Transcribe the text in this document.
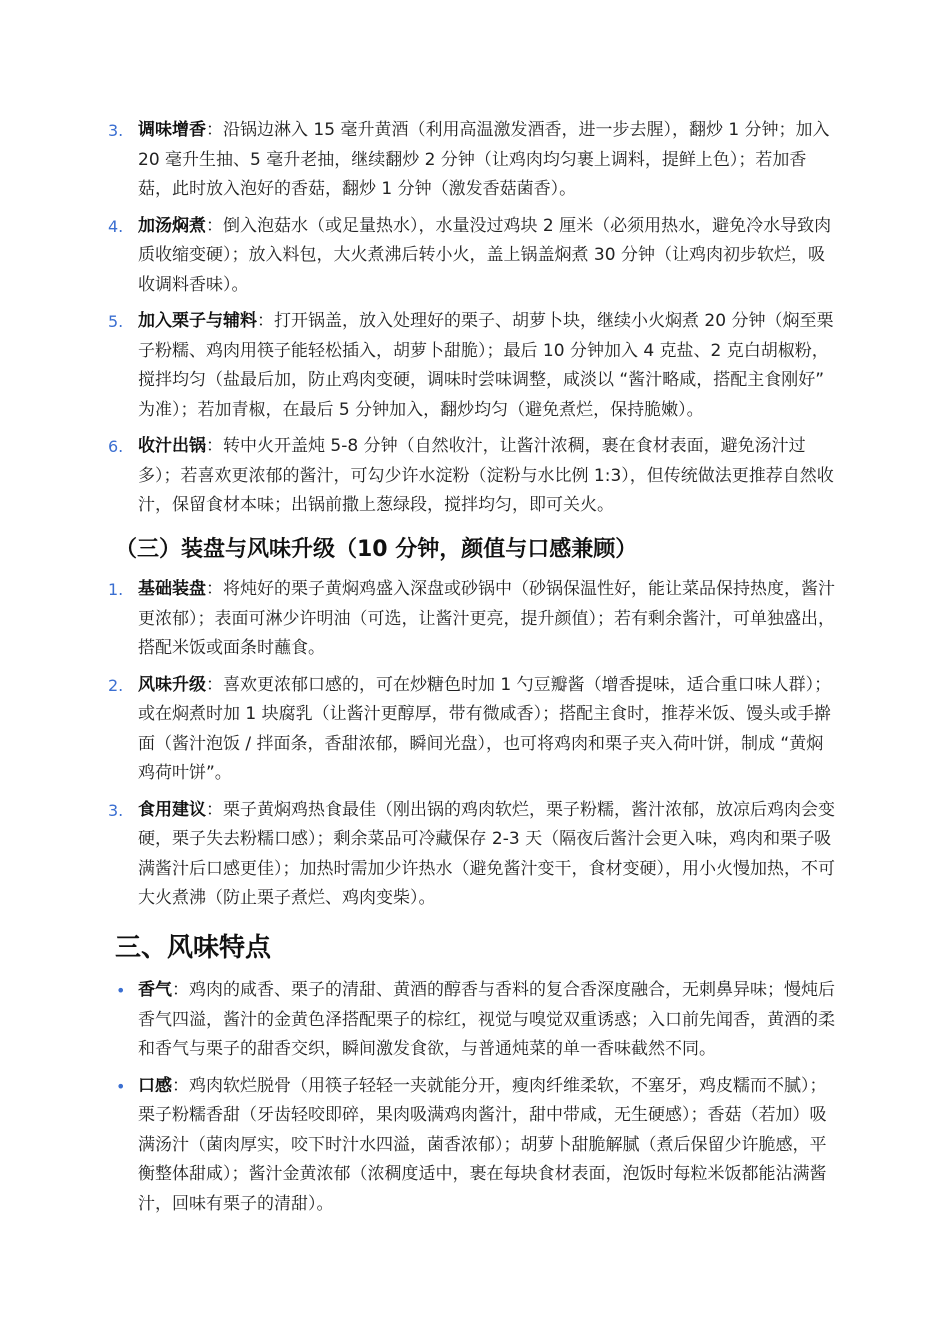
3. 调味增香：沿锅边淋入 15 毫升黄酒（利用高温激发酒香，进一步去腥），翻炒 1 分钟；加入 20 毫升生抽、5 毫升老抽，继续翻炒 2 分钟（让鸡肉均匀裹上调料，提鲜上色）；若加香菇，此时放入泡好的香菇，翻炒 1 分钟（激发香菇菌香）。
4. 加汤焖煮：倒入泡菇水（或足量热水），水量没过鸡块 2 厘米（必须用热水，避免冷水导致肉质收缩变硬）；放入料包，大火煮沸后转小火，盖上锅盖焖煮 30 分钟（让鸡肉初步软烂，吸收调料香味）。
5. 加入栗子与辅料：打开锅盖，放入处理好的栗子、胡萝卜块，继续小火焖煮 20 分钟（焖至栗子粉糯、鸡肉用筷子能轻松插入，胡萝卜甜脆）；最后 10 分钟加入 4 克盐、2 克白胡椒粉，搅拌均匀（盐最后加，防止鸡肉变硬，调味时尝味调整，咸淡以 “酱汁略咸，搭配主食刚好” 为准）；若加青椒，在最后 5 分钟加入，翻炒均匀（避免煮烂，保持脆嫩）。
6. 收汁出锅：转中火开盖炖 5-8 分钟（自然收汁，让酱汁浓稠，裹在食材表面，避免汤汁过多）；若喜欢更浓郁的酱汁，可勾少许水淀粉（淀粉与水比例 1:3），但传统做法更推荐自然收汁，保留食材本味；出锅前撒上葱绿段，搅拌均匀，即可关火。
（三）装盘与风味升级（10 分钟，颜值与口感兼顾）
1. 基础装盘：将炖好的栗子黄焖鸡盛入深盘或砂锅中（砂锅保温性好，能让菜品保持热度，酱汁更浓郁）；表面可淋少许明油（可选，让酱汁更亮，提升颜值）；若有剩余酱汁，可单独盛出，搭配米饭或面条时蘸食。
2. 风味升级：喜欢更浓郁口感的，可在炒糖色时加 1 勺豆瓣酱（增香提味，适合重口味人群）；或在焖煮时加 1 块腐乳（让酱汁更醇厚，带有微咸香）；搭配主食时，推荐米饭、馒头或手擀面（酱汁泡饭 / 拌面条，香甜浓郁，瞬间光盘），也可将鸡肉和栗子夹入荷叶饼，制成 “黄焖鸡荷叶饼”。
3. 食用建议：栗子黄焖鸡热食最佳（刚出锅的鸡肉软烂，栗子粉糯，酱汁浓郁，放凉后鸡肉会变硬，栗子失去粉糯口感）；剩余菜品可冷藏保存 2-3 天（隔夜后酱汁会更入味，鸡肉和栗子吸满酱汁后口感更佳）；加热时需加少许热水（避免酱汁变干，食材变硬），用小火慢加热，不可大火煮沸（防止栗子煮烂、鸡肉变柴）。
三、风味特点
• 香气：鸡肉的咸香、栗子的清甜、黄酒的醇香与香料的复合香深度融合，无刺鼻异味；慢炖后香气四溢，酱汁的金黄色泽搭配栗子的棕红，视觉与嗅觉双重诱惑；入口前先闻香，黄酒的柔和香气与栗子的甜香交织，瞬间激发食欲，与普通炖菜的单一香味截然不同。
• 口感：鸡肉软烂脱骨（用筷子轻轻一夹就能分开，瘦肉纤维柔软，不塞牙，鸡皮糯而不腻）；栗子粉糯香甜（牙齿轻咬即碎，果肉吸满鸡肉酱汁，甜中带咸，无生硬感）；香菇（若加）吸满汤汁（菌肉厚实，咬下时汁水四溢，菌香浓郁）；胡萝卜甜脆解腻（煮后保留少许脆感，平衡整体甜咸）；酱汁金黄浓郁（浓稠度适中，裹在每块食材表面，泡饭时每粒米饭都能沾满酱汁，回味有栗子的清甜）。
